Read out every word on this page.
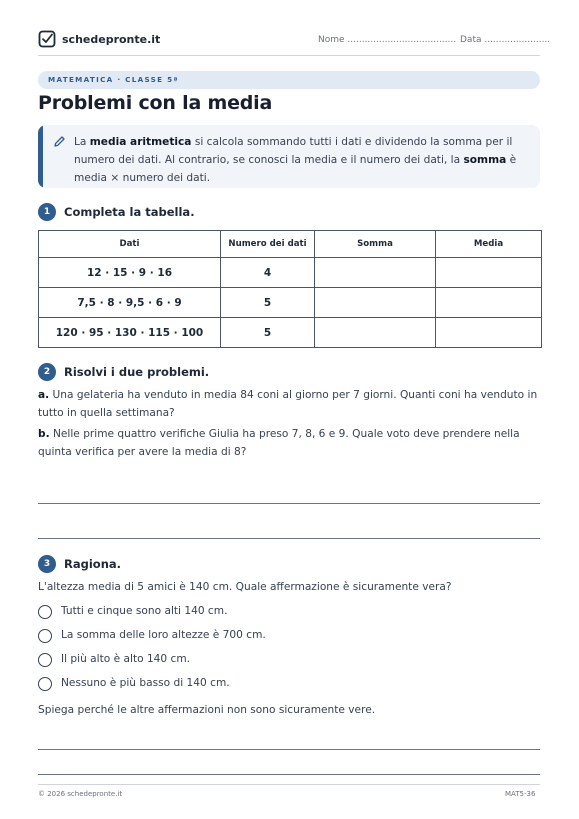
schedepronte.it	Nome ...................................... Data .......................
MATEMATICA · CLASSE 5ª
Problemi con la media
La media aritmetica si calcola sommando tutti i dati e dividendo la somma per il numero dei dati. Al contrario, se conosci la media e il numero dei dati, la somma è media × numero dei dati.
1	Completa la tabella.
Dati	Numero dei dati	Somma	Media
12 · 15 · 9 · 16	4		
7,5 · 8 · 9,5 · 6 · 9	5		
120 · 95 · 130 · 115 · 100	5		
2	Risolvi i due problemi.
a. Una gelateria ha venduto in media 84 coni al giorno per 7 giorni. Quanti coni ha venduto in tutto in quella settimana?
b. Nelle prime quattro verifiche Giulia ha preso 7, 8, 6 e 9. Quale voto deve prendere nella quinta verifica per avere la media di 8?
3	Ragiona.
L'altezza media di 5 amici è 140 cm. Quale affermazione è sicuramente vera?
Tutti e cinque sono alti 140 cm.
La somma delle loro altezze è 700 cm.
Il più alto è alto 140 cm.
Nessuno è più basso di 140 cm.
Spiega perché le altre affermazioni non sono sicuramente vere.
© 2026 schedepronte.it	MAT5-36
